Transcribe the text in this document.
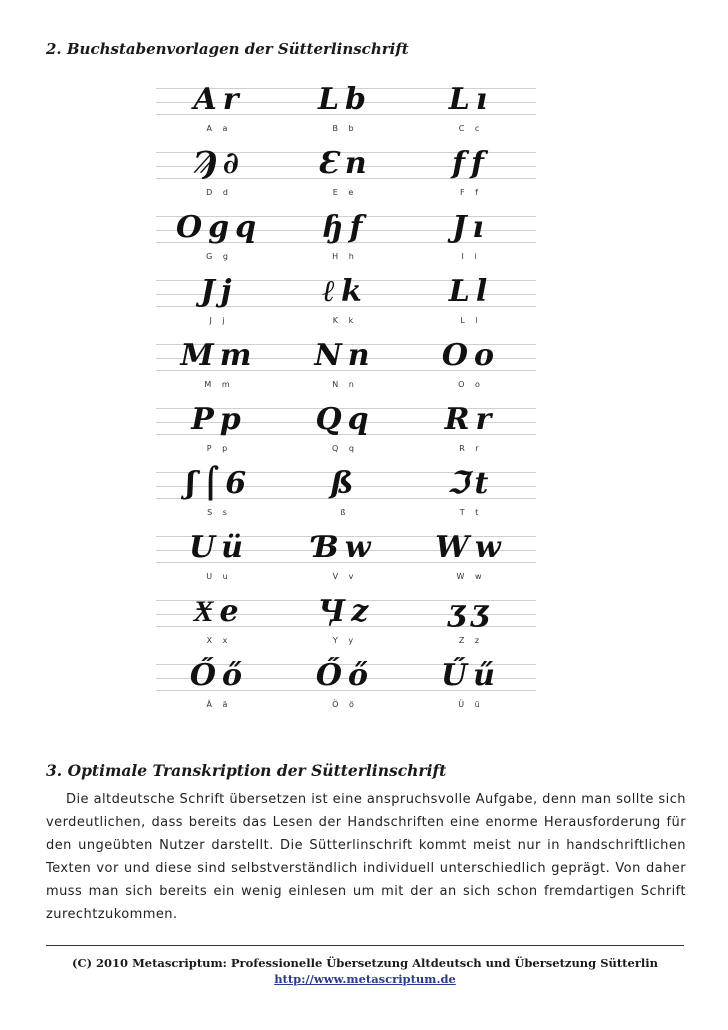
2. Buchstabenvorlagen der Sütterlinschrift
Ar
A a
Lb
B b
Lı
C c
Ϡ∂
D d
Ɛn
E e
ff
F f
Ogq
G g
ɧf
H h
Jı
I i
Jj
J j
ℓk
K k
Ll
L l
Mm
M m
Nn
N n
Oo
O o
Pp
P p
Qq
Q q
Rr
R r
ʃ⌠6
S s
ß
ß
ℑt
T t
Uü
U u
Ɓw
V v
Ww
W w
Ӿe
X x
Ӌz
Y y
ʒʒ
Z z
Őő
Ä ä
Őő
Ö ö
Űű
Ü ü
3. Optimale Transkription der Sütterlinschrift
Die altdeutsche Schrift übersetzen ist eine anspruchsvolle Aufgabe, denn man sollte sich verdeutlichen, dass bereits das Lesen der Handschriften eine enorme Herausforderung für den ungeübten Nutzer darstellt. Die Sütterlinschrift kommt meist nur in handschriftlichen Texten vor und diese sind selbstverständlich individuell unterschiedlich geprägt. Von daher muss man sich bereits ein wenig einlesen um mit der an sich schon fremdartigen Schrift zurechtzukommen.
(C) 2010 Metascriptum: Professionelle Übersetzung Altdeutsch und Übersetzung Sütterlin
http://www.metascriptum.de
